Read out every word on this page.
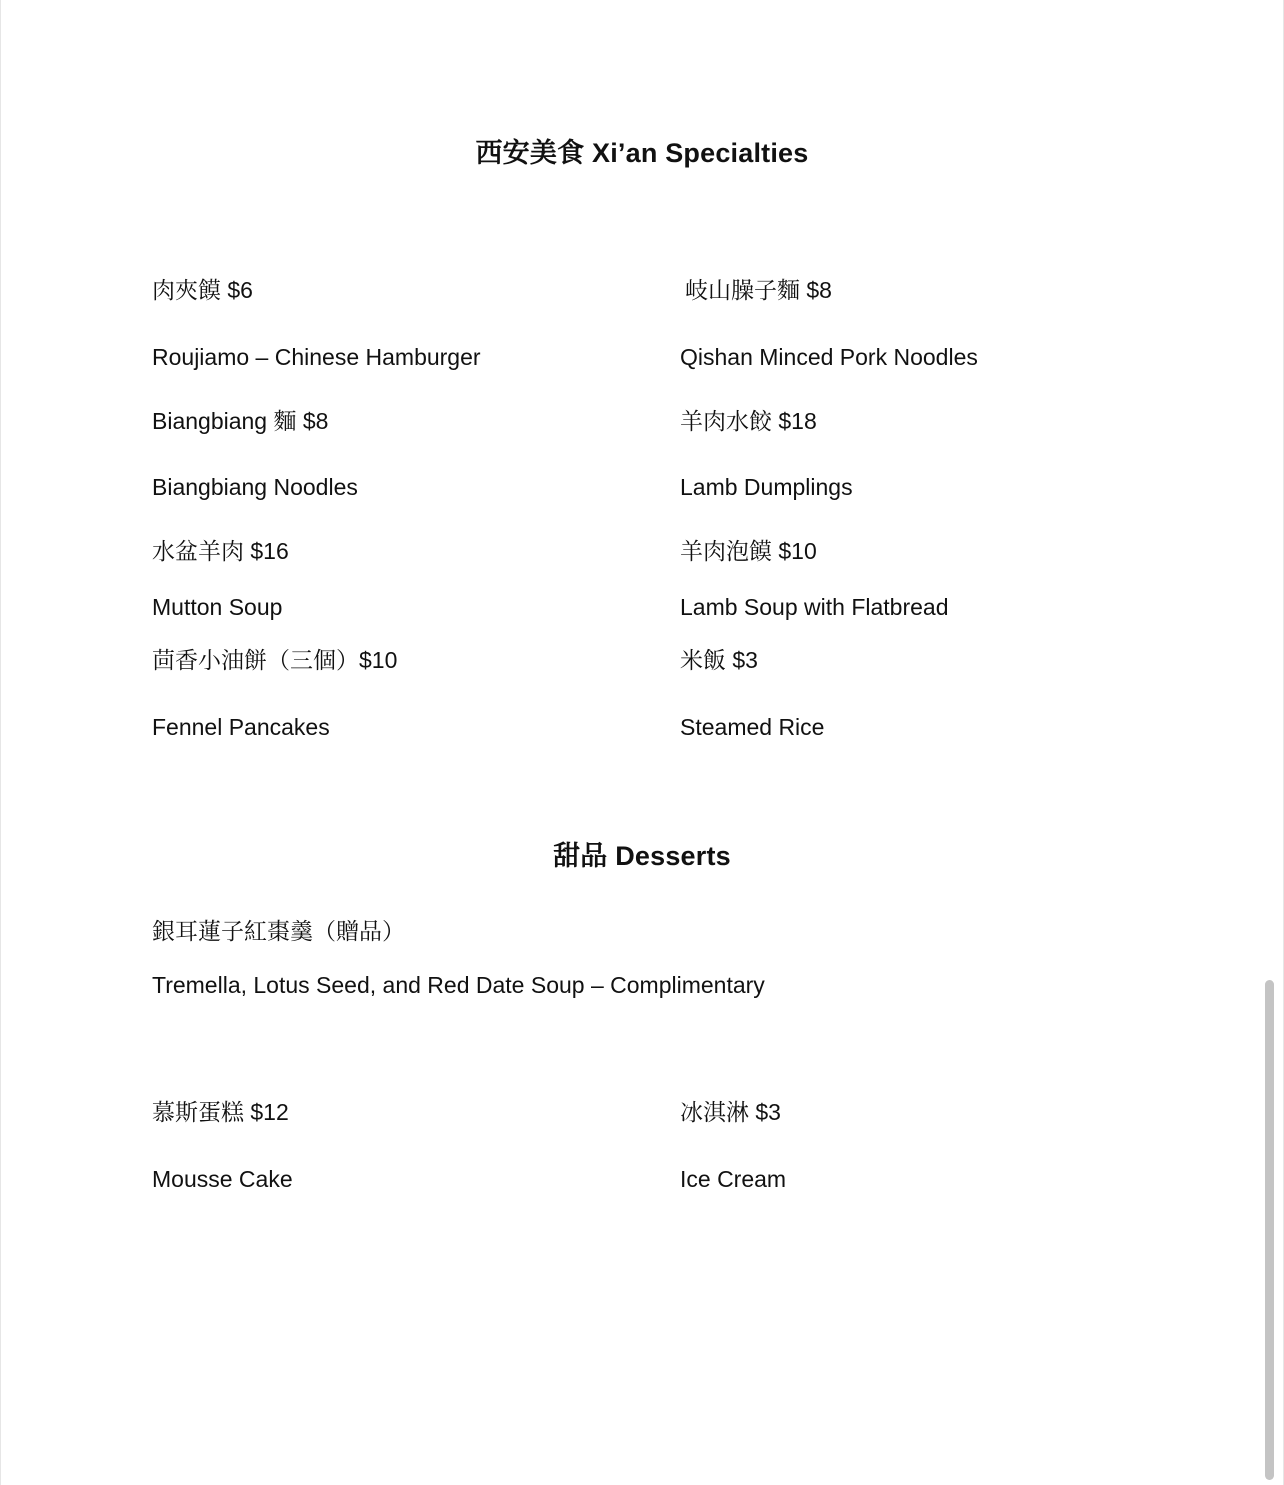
西安美食 Xi’an Specialties
肉夾饃 $6
Roujiamo – Chinese Hamburger
岐山臊子麵 $8
Qishan Minced Pork Noodles
Biangbiang 麵 $8
Biangbiang Noodles
羊肉水餃 $18
Lamb Dumplings
水盆羊肉 $16
Mutton Soup
羊肉泡饃 $10
Lamb Soup with Flatbread
茴香小油餅（三個）$10
Fennel Pancakes
米飯 $3
Steamed Rice
甜品 Desserts
銀耳蓮子紅棗羹（贈品）
Tremella, Lotus Seed, and Red Date Soup – Complimentary
慕斯蛋糕 $12
Mousse Cake
冰淇淋 $3
Ice Cream
